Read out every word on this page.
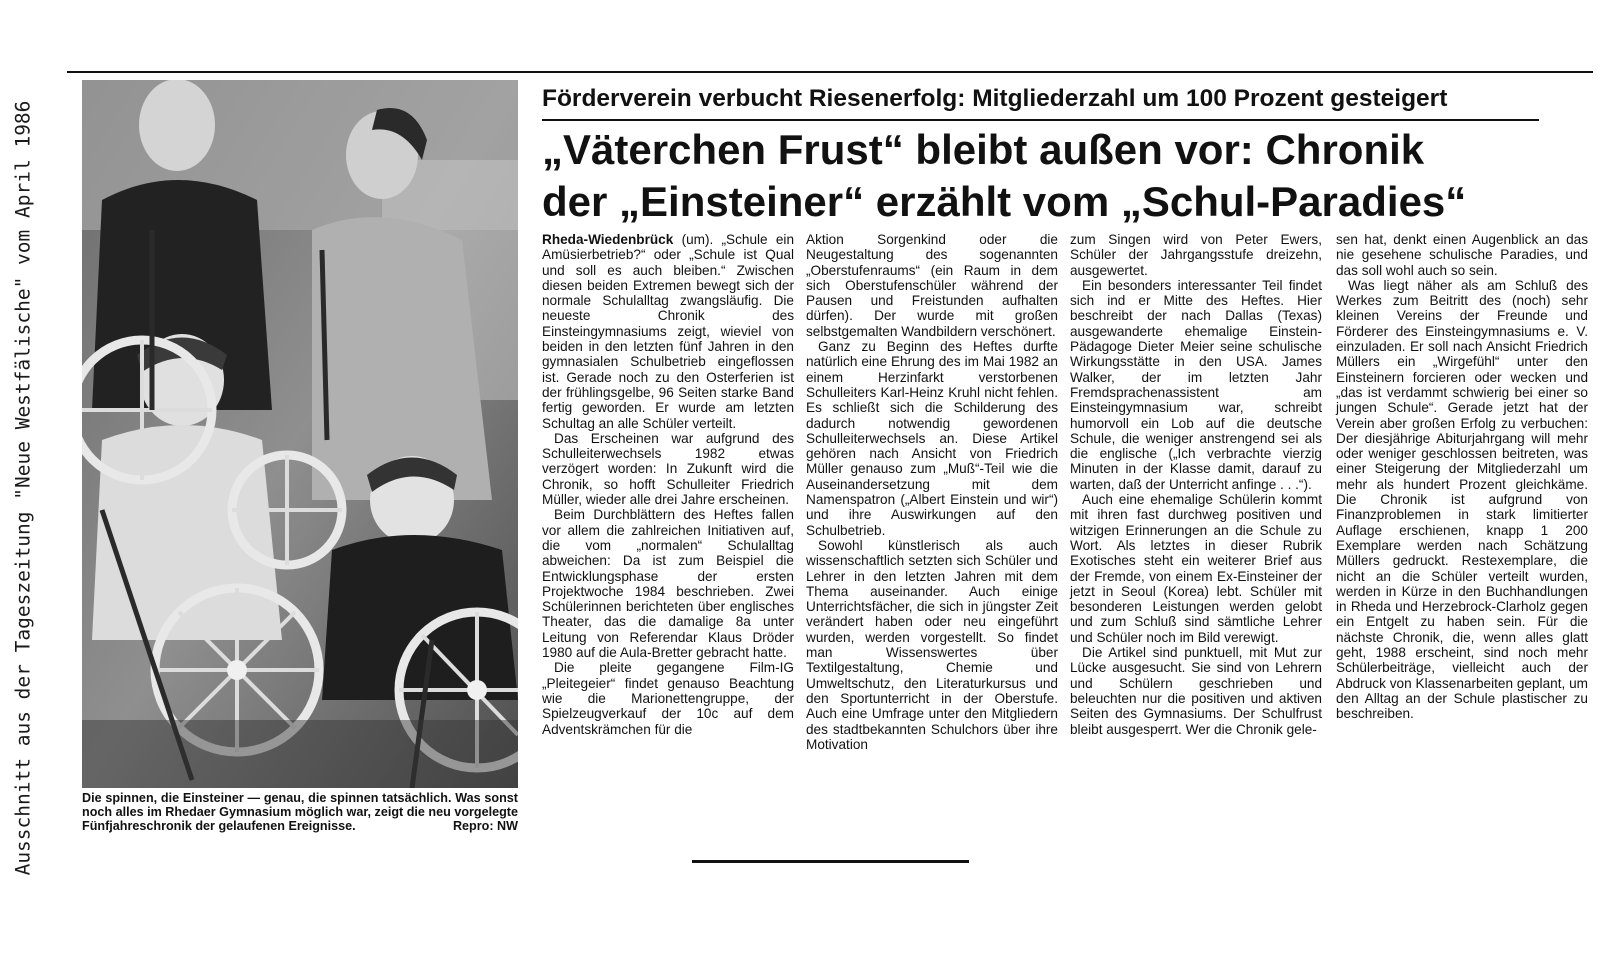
Ausschnitt aus der Tageszeitung "Neue Westfälische" vom April 1986	Die spinnen, die Einsteiner — genau, die spinnen tatsächlich. Was sonst noch alles im Rhedaer Gymnasium möglich war, zeigt die neu vorgelegte Fünfjahreschronik der gelaufenen Ereignisse.	Repro: NW

Förderverein verbucht Riesenerfolg: Mitgliederzahl um 100 Prozent gesteigert
„Väterchen Frust“ bleibt außen vor: Chronik
der „Einsteiner“ erzählt vom „Schul-Paradies“

Rheda-Wiedenbrück (um). „Schule ein Amüsierbetrieb?“ oder „Schule ist Qual und soll es auch bleiben.“ Zwischen diesen beiden Extremen bewegt sich der normale Schulalltag zwangsläufig. Die neueste Chronik des Einsteingymnasiums zeigt, wieviel von beiden in den letzten fünf Jahren in den gymnasialen Schulbetrieb eingeflossen ist. Gerade noch zu den Osterferien ist der frühlingsgelbe, 96 Seiten starke Band fertig geworden. Er wurde am letzten Schultag an alle Schüler verteilt.

Das Erscheinen war aufgrund des Schulleiterwechsels 1982 etwas verzögert worden: In Zukunft wird die Chronik, so hofft Schulleiter Friedrich Müller, wieder alle drei Jahre erscheinen.

Beim Durchblättern des Heftes fallen vor allem die zahlreichen Initiativen auf, die vom „normalen“ Schulalltag abweichen: Da ist zum Beispiel die Entwicklungsphase der ersten Projektwoche 1984 beschrieben. Zwei Schülerinnen berichteten über englisches Theater, das die damalige 8a unter Leitung von Referendar Klaus Dröder 1980 auf die Aula-Bretter gebracht hatte.

Die pleite gegangene Film-IG „Pleitegeier“ findet genauso Beachtung wie die Marionettengruppe, der Spielzeugverkauf der 10c auf dem Adventskrämchen für die

Aktion Sorgenkind oder die Neugestaltung des sogenannten „Oberstufenraums“ (ein Raum in dem sich Oberstufenschüler während der Pausen und Freistunden aufhalten dürfen). Der wurde mit großen selbstgemalten Wandbildern verschönert.

Ganz zu Beginn des Heftes durfte natürlich eine Ehrung des im Mai 1982 an einem Herzinfarkt verstorbenen Schulleiters Karl-Heinz Kruhl nicht fehlen. Es schließt sich die Schilderung des dadurch notwendig gewordenen Schulleiterwechsels an. Diese Artikel gehören nach Ansicht von Friedrich Müller genauso zum „Muß“-Teil wie die Auseinandersetzung mit dem Namenspatron („Albert Einstein und wir“) und ihre Auswirkungen auf den Schulbetrieb.

Sowohl künstlerisch als auch wissenschaftlich setzten sich Schüler und Lehrer in den letzten Jahren mit dem Thema auseinander. Auch einige Unterrichtsfächer, die sich in jüngster Zeit verändert haben oder neu eingeführt wurden, werden vorgestellt. So findet man Wissenswertes über Textilgestaltung, Chemie und Umweltschutz, den Literaturkursus und den Sportunterricht in der Oberstufe. Auch eine Umfrage unter den Mitgliedern des stadtbekannten Schulchors über ihre Motivation

zum Singen wird von Peter Ewers, Schüler der Jahrgangsstufe dreizehn, ausgewertet.

Ein besonders interessanter Teil findet sich ind er Mitte des Heftes. Hier beschreibt der nach Dallas (Texas) ausgewanderte ehemalige Einstein-Pädagoge Dieter Meier seine schulische Wirkungsstätte in den USA. James Walker, der im letzten Jahr Fremdsprachenassistent am Einsteingymnasium war, schreibt humorvoll ein Lob auf die deutsche Schule, die weniger anstrengend sei als die englische („Ich verbrachte vierzig Minuten in der Klasse damit, darauf zu warten, daß der Unterricht anfinge . . .“).

Auch eine ehemalige Schülerin kommt mit ihren fast durchweg positiven und witzigen Erinnerungen an die Schule zu Wort. Als letztes in dieser Rubrik Exotisches steht ein weiterer Brief aus der Fremde, von einem Ex-Einsteiner der jetzt in Seoul (Korea) lebt. Schüler mit besonderen Leistungen werden gelobt und zum Schluß sind sämtliche Lehrer und Schüler noch im Bild verewigt.

Die Artikel sind punktuell, mit Mut zur Lücke ausgesucht. Sie sind von Lehrern und Schülern geschrieben und beleuchten nur die positiven und aktiven Seiten des Gymnasiums. Der Schulfrust bleibt ausgesperrt. Wer die Chronik gele-

sen hat, denkt einen Augenblick an das nie gesehene schulische Paradies, und das soll wohl auch so sein.

Was liegt näher als am Schluß des Werkes zum Beitritt des (noch) sehr kleinen Vereins der Freunde und Förderer des Einsteingymnasiums e. V. einzuladen. Er soll nach Ansicht Friedrich Müllers ein „Wirgefühl“ unter den Einsteinern forcieren oder wecken und „das ist verdammt schwierig bei einer so jungen Schule“. Gerade jetzt hat der Verein aber großen Erfolg zu verbuchen: Der diesjährige Abiturjahrgang will mehr oder weniger geschlossen beitreten, was einer Steigerung der Mitgliederzahl um mehr als hundert Prozent gleichkäme. Die Chronik ist aufgrund von Finanzproblemen in stark limitierter Auflage erschienen, knapp 1 200 Exemplare werden nach Schätzung Müllers gedruckt. Restexemplare, die nicht an die Schüler verteilt wurden, werden in Kürze in den Buchhandlungen in Rheda und Herzebrock-Clarholz gegen ein Entgelt zu haben sein. Für die nächste Chronik, die, wenn alles glatt geht, 1988 erscheint, sind noch mehr Schülerbeiträge, vielleicht auch der Abdruck von Klassenarbeiten geplant, um den Alltag an der Schule plastischer zu beschreiben.
